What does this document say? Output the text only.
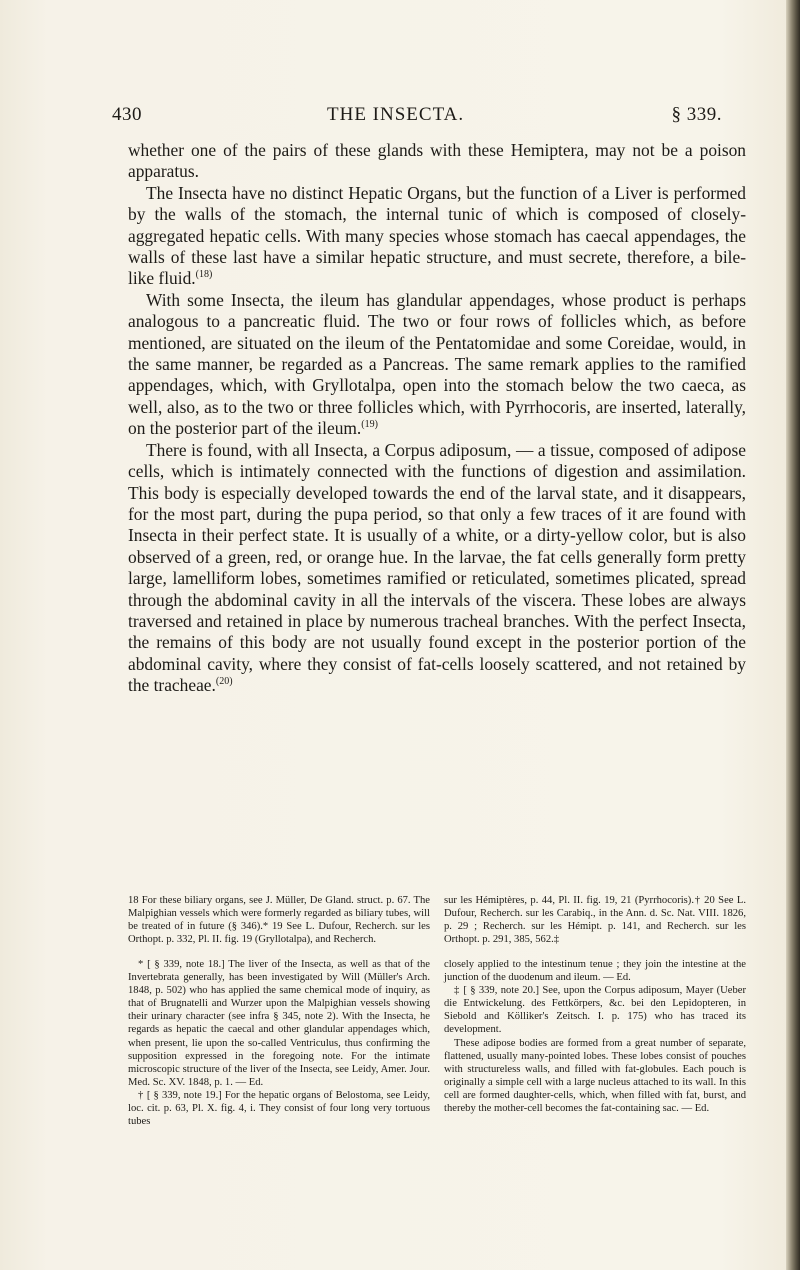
430	THE INSECTA.	§ 339.

whether one of the pairs of these glands with these Hemiptera, may not be a poison apparatus.

The Insecta have no distinct Hepatic Organs, but the function of a Liver is performed by the walls of the stomach, the internal tunic of which is composed of closely-aggregated hepatic cells. With many species whose stomach has caecal appendages, the walls of these last have a similar hepatic structure, and must secrete, therefore, a bile-like fluid.$^{(18)}$

With some Insecta, the ileum has glandular appendages, whose product is perhaps analogous to a pancreatic fluid. The two or four rows of follicles which, as before mentioned, are situated on the ileum of the Pentatomidae and some Coreidae, would, in the same manner, be regarded as a Pancreas. The same remark applies to the ramified appendages, which, with Gryllotalpa, open into the stomach below the two caeca, as well, also, as to the two or three follicles which, with Pyrrhocoris, are inserted, laterally, on the posterior part of the ileum.$^{(19)}$

There is found, with all Insecta, a Corpus adiposum, — a tissue, composed of adipose cells, which is intimately connected with the functions of digestion and assimilation. This body is especially developed towards the end of the larval state, and it disappears, for the most part, during the pupa period, so that only a few traces of it are found with Insecta in their perfect state. It is usually of a white, or a dirty-yellow color, but is also observed of a green, red, or orange hue. In the larvae, the fat cells generally form pretty large, lamelliform lobes, sometimes ramified or reticulated, sometimes plicated, spread through the abdominal cavity in all the intervals of the viscera. These lobes are always traversed and retained in place by numerous tracheal branches. With the perfect Insecta, the remains of this body are not usually found except in the posterior portion of the abdominal cavity, where they consist of fat-cells loosely scattered, and not retained by the tracheae.$^{(20)}$

18 For these biliary organs, see J. Müller, De Gland. struct. p. 67. The Malpighian vessels which were formerly regarded as biliary tubes, will be treated of in future (§ 346).* 19 See L. Dufour, Recherch. sur les Orthopt. p. 332, Pl. II. fig. 19 (Gryllotalpa), and Recherch.

sur les Hémiptères, p. 44, Pl. II. fig. 19, 21 (Pyrrhocoris).† 20 See L. Dufour, Recherch. sur les Carabiq., in the Ann. d. Sc. Nat. VIII. 1826, p. 29 ; Recherch. sur les Hémipt. p. 141, and Recherch. sur les Orthopt. p. 291, 385, 562.‡

* [ § 339, note 18.] The liver of the Insecta, as well as that of the Invertebrata generally, has been investigated by Will (Müller's Arch. 1848, p. 502) who has applied the same chemical mode of inquiry, as that of Brugnatelli and Wurzer upon the Malpighian vessels showing their urinary character (see infra § 345, note 2). With the Insecta, he regards as hepatic the caecal and other glandular appendages which, when present, lie upon the so-called Ventriculus, thus confirming the supposition expressed in the foregoing note. For the intimate microscopic structure of the liver of the Insecta, see Leidy, Amer. Jour. Med. Sc. XV. 1848, p. 1. — Ed.

† [ § 339, note 19.] For the hepatic organs of Belostoma, see Leidy, loc. cit. p. 63, Pl. X. fig. 4, i. They consist of four long very tortuous tubes

closely applied to the intestinum tenue ; they join the intestine at the junction of the duodenum and ileum. — Ed.

‡ [ § 339, note 20.] See, upon the Corpus adiposum, Mayer (Ueber die Entwickelung. des Fettkörpers, &c. bei den Lepidopteren, in Siebold and Kölliker's Zeitsch. I. p. 175) who has traced its development.

These adipose bodies are formed from a great number of separate, flattened, usually many-pointed lobes. These lobes consist of pouches with structureless walls, and filled with fat-globules. Each pouch is originally a simple cell with a large nucleus attached to its wall. In this cell are formed daughter-cells, which, when filled with fat, burst, and thereby the mother-cell becomes the fat-containing sac. — Ed.
